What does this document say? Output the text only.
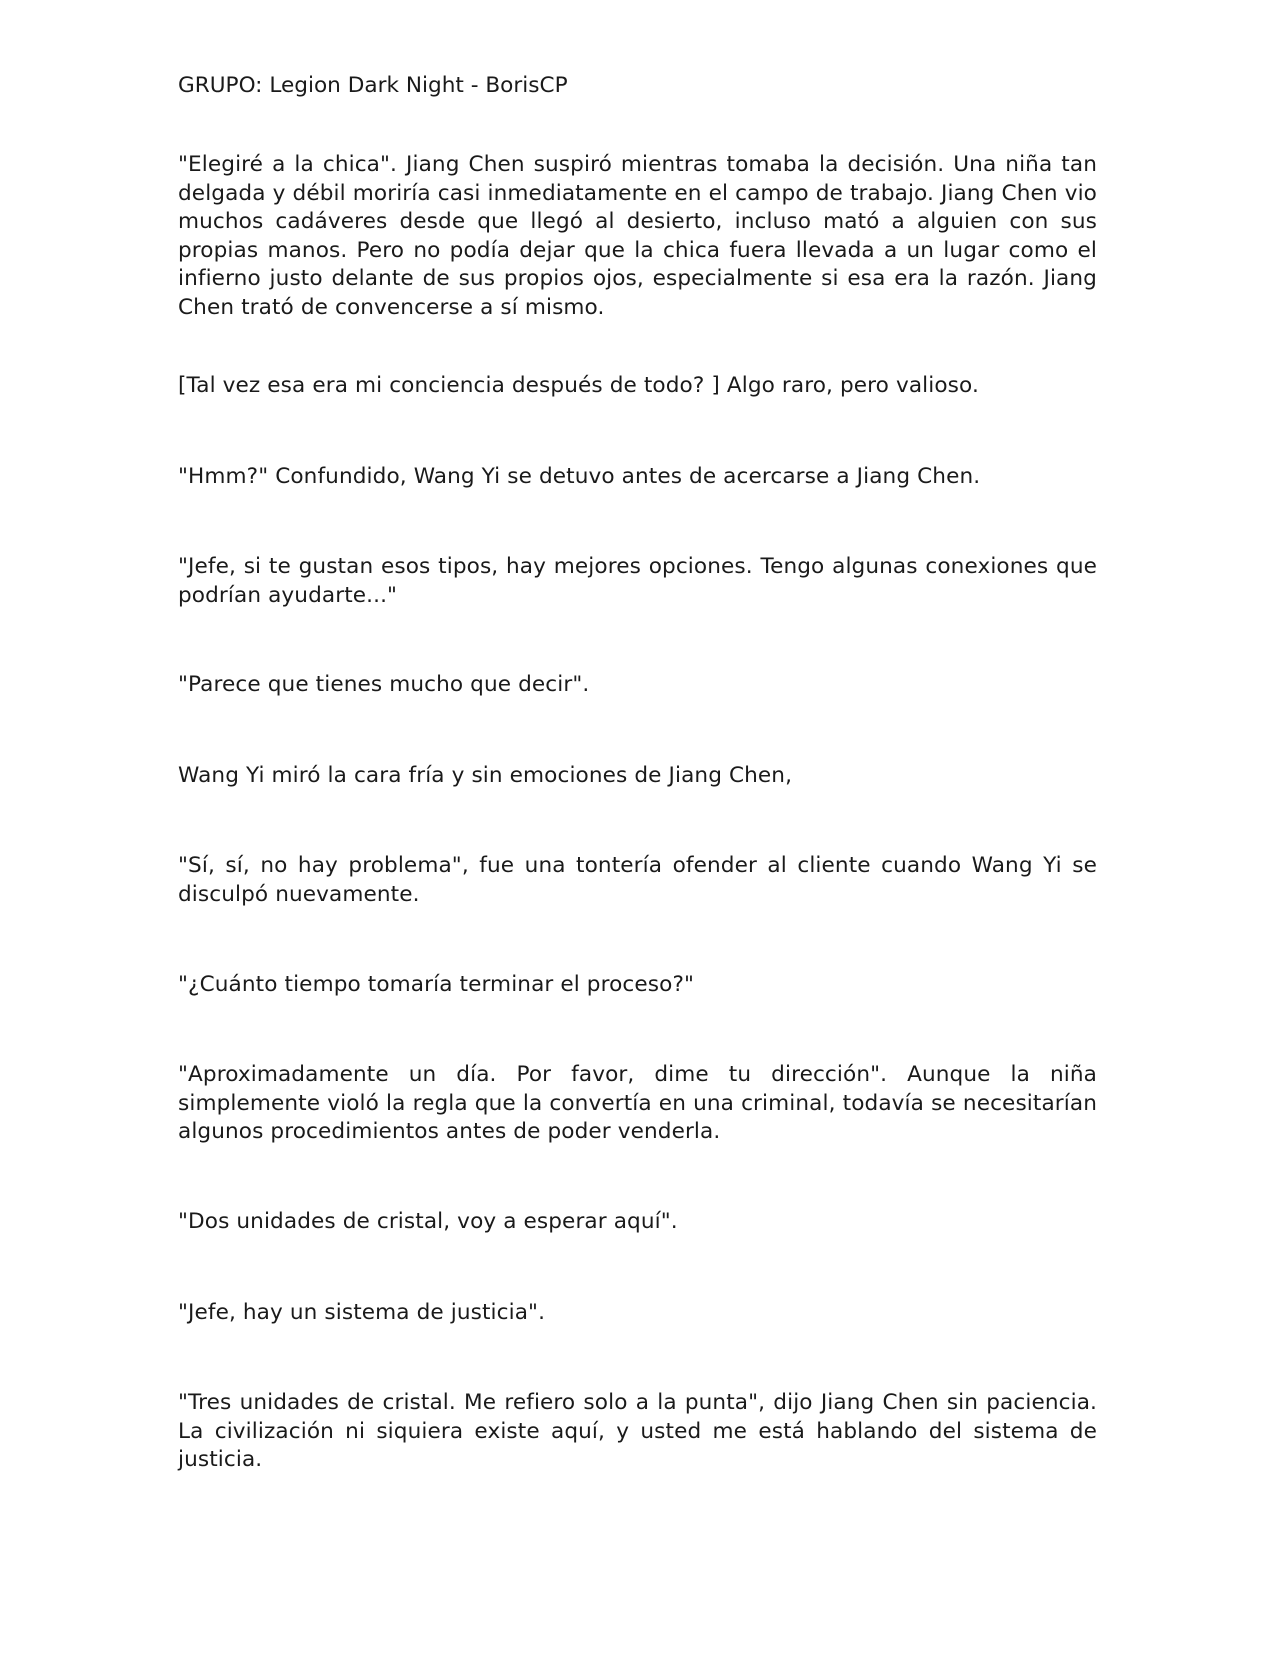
GRUPO: Legion Dark Night - BorisCP

"Elegiré a la chica". Jiang Chen suspiró mientras tomaba la decisión. Una niña tan delgada y débil moriría casi inmediatamente en el campo de trabajo. Jiang Chen vio muchos cadáveres desde que llegó al desierto, incluso mató a alguien con sus propias manos. Pero no podía dejar que la chica fuera llevada a un lugar como el infierno justo delante de sus propios ojos, especialmente si esa era la razón. Jiang Chen trató de convencerse a sí mismo.

[Tal vez esa era mi conciencia después de todo? ] Algo raro, pero valioso.

"Hmm?" Confundido, Wang Yi se detuvo antes de acercarse a Jiang Chen.

"Jefe, si te gustan esos tipos, hay mejores opciones. Tengo algunas conexiones que podrían ayudarte..."

"Parece que tienes mucho que decir".

Wang Yi miró la cara fría y sin emociones de Jiang Chen,

"Sí, sí, no hay problema", fue una tontería ofender al cliente cuando Wang Yi se disculpó nuevamente.

"¿Cuánto tiempo tomaría terminar el proceso?"

"Aproximadamente un día. Por favor, dime tu dirección". Aunque la niña simplemente violó la regla que la convertía en una criminal, todavía se necesitarían algunos procedimientos antes de poder venderla.

"Dos unidades de cristal, voy a esperar aquí".

"Jefe, hay un sistema de justicia".

"Tres unidades de cristal. Me refiero solo a la punta", dijo Jiang Chen sin paciencia. La civilización ni siquiera existe aquí, y usted me está hablando del sistema de justicia.
